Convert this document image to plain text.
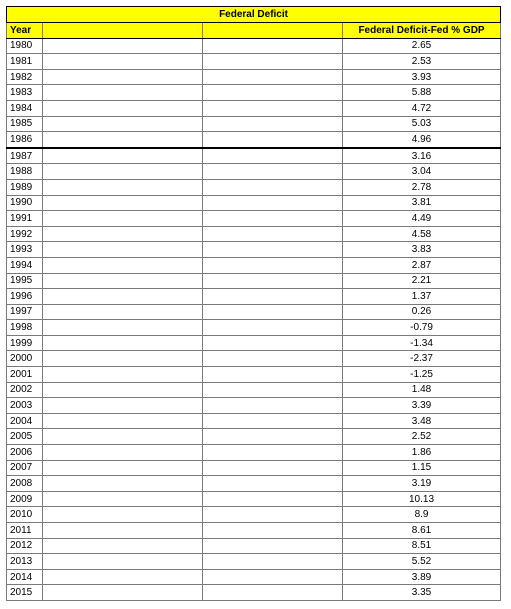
Federal Deficit			
Year			Federal Deficit-Fed % GDP
1980			2.65
1981			2.53
1982			3.93
1983			5.88
1984			4.72
1985			5.03
1986			4.96
1987			3.16
1988			3.04
1989			2.78
1990			3.81
1991			4.49
1992			4.58
1993			3.83
1994			2.87
1995			2.21
1996			1.37
1997			0.26
1998			-0.79
1999			-1.34
2000			-2.37
2001			-1.25
2002			1.48
2003			3.39
2004			3.48
2005			2.52
2006			1.86
2007			1.15
2008			3.19
2009			10.13
2010			8.9
2011			8.61
2012			8.51
2013			5.52
2014			3.89
2015			3.35
